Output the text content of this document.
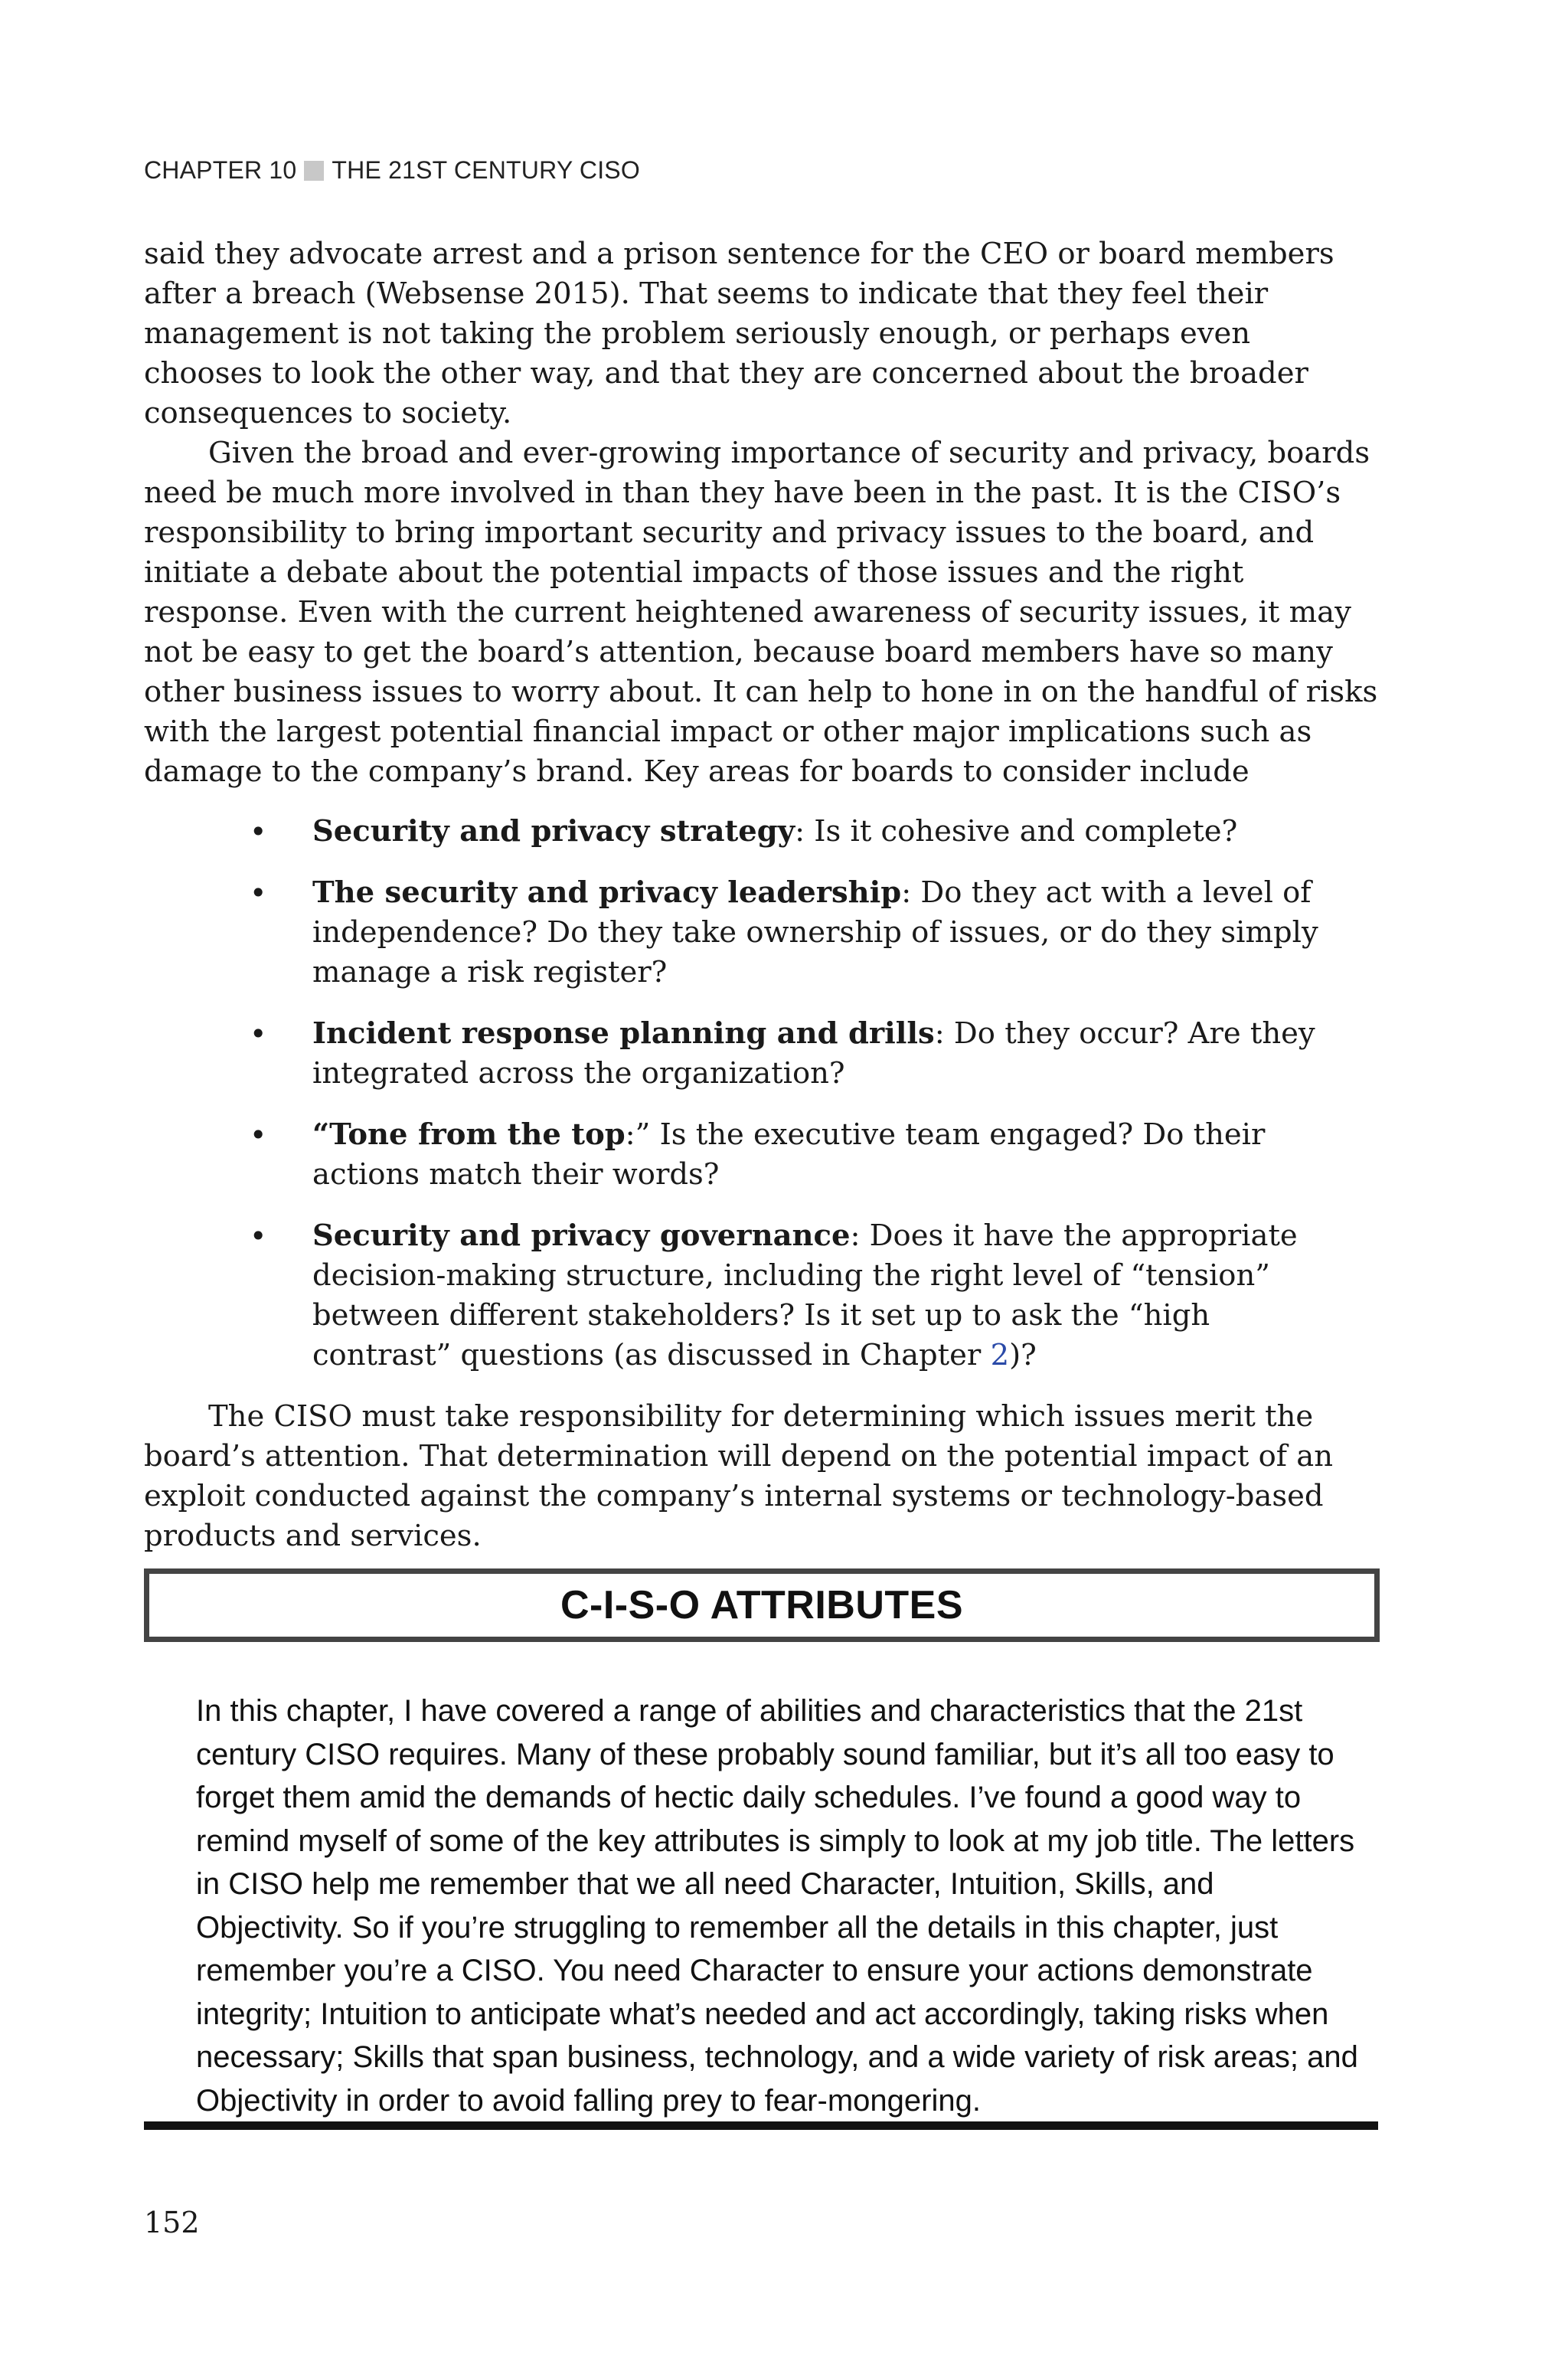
CHAPTER 10 THE 21ST CENTURY CISO

said they advocate arrest and a prison sentence for the CEO or board members after a breach (Websense 2015). That seems to indicate that they feel their management is not taking the problem seriously enough, or perhaps even chooses to look the other way, and that they are concerned about the broader consequences to society.

Given the broad and ever-growing importance of security and privacy, boards need be much more involved in than they have been in the past. It is the CISO’s responsibility to bring important security and privacy issues to the board, and initiate a debate about the potential impacts of those issues and the right response. Even with the current heightened awareness of security issues, it may not be easy to get the board’s attention, because board members have so many other business issues to worry about. It can help to hone in on the handful of risks with the largest potential financial impact or other major implications such as damage to the company’s brand. Key areas for boards to consider include

• Security and privacy strategy: Is it cohesive and complete?
• The security and privacy leadership: Do they act with a level of independence? Do they take ownership of issues, or do they simply manage a risk register?
• Incident response planning and drills: Do they occur? Are they integrated across the organization?
• “Tone from the top:” Is the executive team engaged? Do their actions match their words?
• Security and privacy governance: Does it have the appropriate decision-making structure, including the right level of “tension” between different stakeholders? Is it set up to ask the “high contrast” questions (as discussed in Chapter 2)?

The CISO must take responsibility for determining which issues merit the board’s attention. That determination will depend on the potential impact of an exploit conducted against the company’s internal systems or technology-based products and services.

C-I-S-O ATTRIBUTES
In this chapter, I have covered a range of abilities and characteristics that the 21st century CISO requires. Many of these probably sound familiar, but it’s all too easy to forget them amid the demands of hectic daily schedules. I’ve found a good way to remind myself of some of the key attributes is simply to look at my job title. The letters in CISO help me remember that we all need Character, Intuition, Skills, and Objectivity. So if you’re struggling to remember all the details in this chapter, just remember you’re a CISO. You need Character to ensure your actions demonstrate integrity; Intuition to anticipate what’s needed and act accordingly, taking risks when necessary; Skills that span business, technology, and a wide variety of risk areas; and Objectivity in order to avoid falling prey to fear-mongering.
152
